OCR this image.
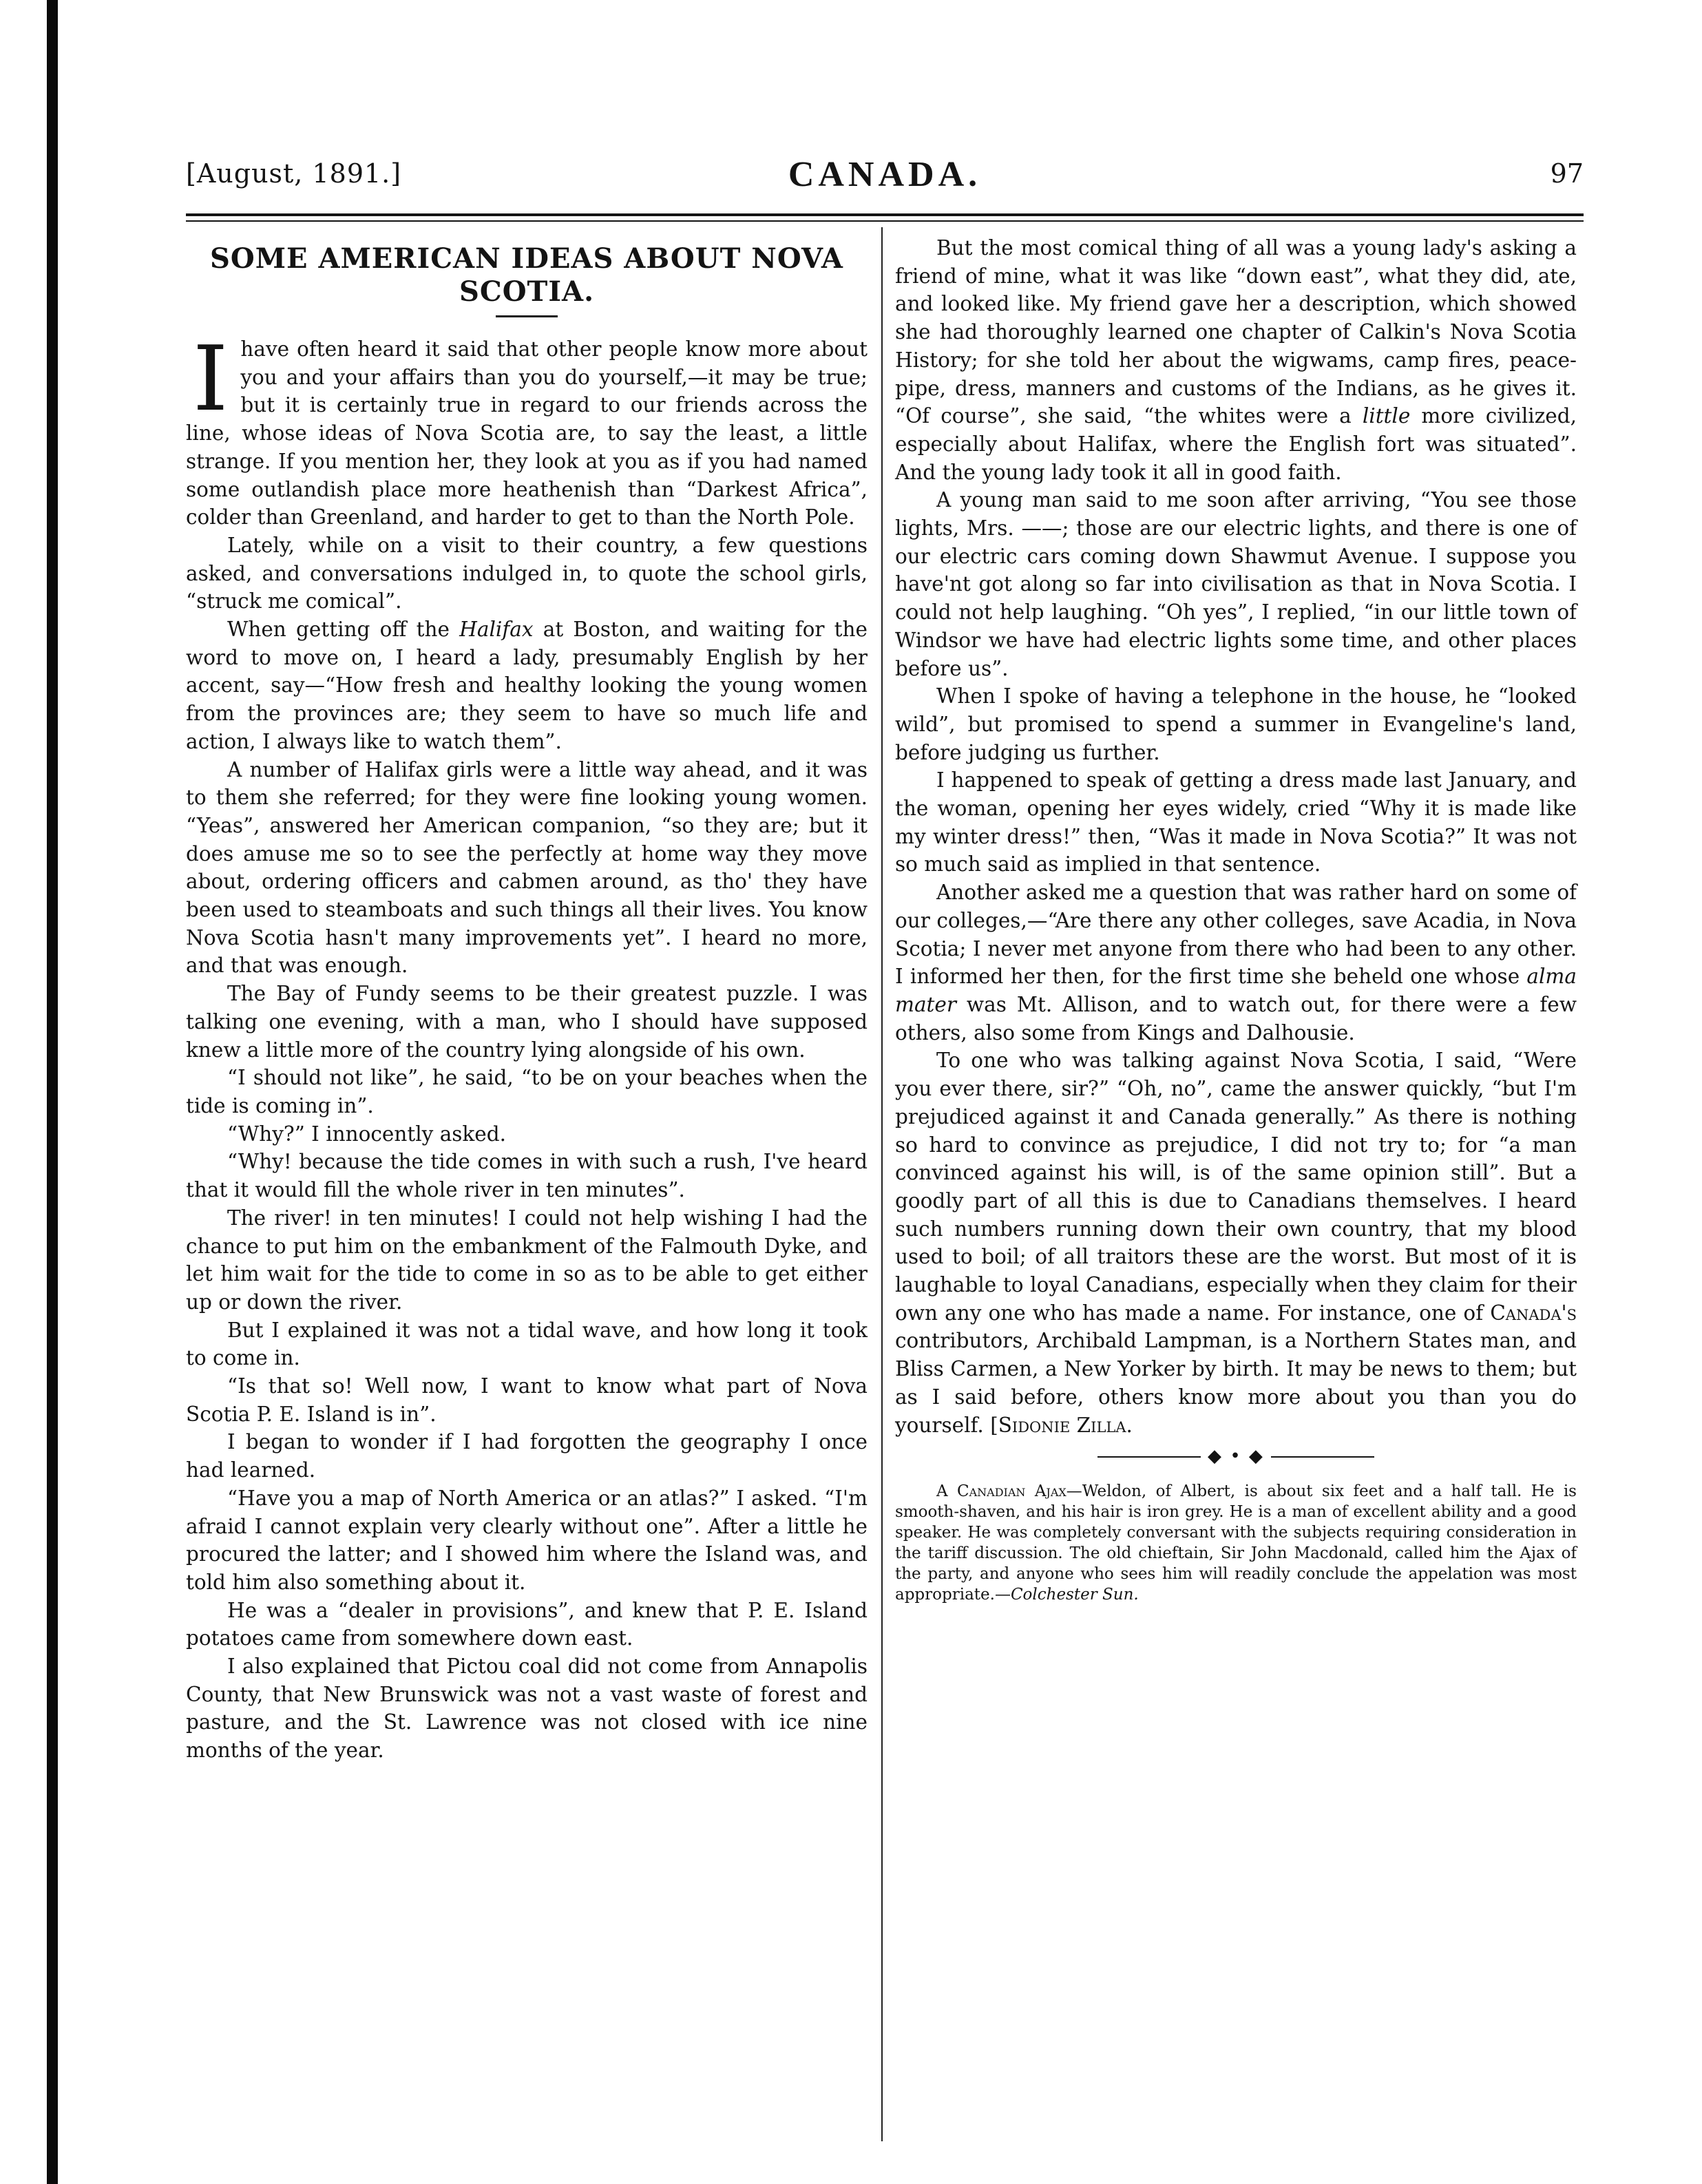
[August, 1891.]	CANADA.	97
SOME AMERICAN IDEAS ABOUT NOVA SCOTIA.

Ihave often heard it said that other people know more about you and your affairs than you do yourself,—it may be true; but it is certainly true in regard to our friends across the line, whose ideas of Nova Scotia are, to say the least, a little strange. If you mention her, they look at you as if you had named some outlandish place more heathenish than “Darkest Africa”, colder than Greenland, and harder to get to than the North Pole.

Lately, while on a visit to their country, a few questions asked, and conversations indulged in, to quote the school girls, “struck me comical”.

When getting off the Halifax at Boston, and waiting for the word to move on, I heard a lady, presumably English by her accent, say—“How fresh and healthy looking the young women from the provinces are; they seem to have so much life and action, I always like to watch them”.

A number of Halifax girls were a little way ahead, and it was to them she referred; for they were fine looking young women. “Yeas”, answered her American companion, “so they are; but it does amuse me so to see the perfectly at home way they move about, ordering officers and cabmen around, as tho' they have been used to steamboats and such things all their lives. You know Nova Scotia hasn't many improvements yet”. I heard no more, and that was enough.

The Bay of Fundy seems to be their greatest puzzle. I was talking one evening, with a man, who I should have supposed knew a little more of the country lying alongside of his own.

“I should not like”, he said, “to be on your beaches when the tide is coming in”.

“Why?” I innocently asked.

“Why! because the tide comes in with such a rush, I've heard that it would fill the whole river in ten minutes”.

The river! in ten minutes! I could not help wishing I had the chance to put him on the embankment of the Falmouth Dyke, and let him wait for the tide to come in so as to be able to get either up or down the river.

But I explained it was not a tidal wave, and how long it took to come in.

“Is that so! Well now, I want to know what part of Nova Scotia P. E. Island is in”.

I began to wonder if I had forgotten the geography I once had learned.

“Have you a map of North America or an atlas?” I asked. “I'm afraid I cannot explain very clearly without one”. After a little he procured the latter; and I showed him where the Island was, and told him also something about it.

He was a “dealer in provisions”, and knew that P. E. Island potatoes came from somewhere down east.

I also explained that Pictou coal did not come from Annapolis County, that New Brunswick was not a vast waste of forest and pasture, and the St. Lawrence was not closed with ice nine months of the year.

But the most comical thing of all was a young lady's asking a friend of mine, what it was like “down east”, what they did, ate, and looked like. My friend gave her a description, which showed she had thoroughly learned one chapter of Calkin's Nova Scotia History; for she told her about the wigwams, camp fires, peace-pipe, dress, manners and customs of the Indians, as he gives it. “Of course”, she said, “the whites were a little more civilized, especially about Halifax, where the English fort was situated”. And the young lady took it all in good faith.

A young man said to me soon after arriving, “You see those lights, Mrs. ——; those are our electric lights, and there is one of our electric cars coming down Shawmut Avenue. I suppose you have'nt got along so far into civilisation as that in Nova Scotia. I could not help laughing. “Oh yes”, I replied, “in our little town of Windsor we have had electric lights some time, and other places before us”.

When I spoke of having a telephone in the house, he “looked wild”, but promised to spend a summer in Evangeline's land, before judging us further.

I happened to speak of getting a dress made last January, and the woman, opening her eyes widely, cried “Why it is made like my winter dress!” then, “Was it made in Nova Scotia?” It was not so much said as implied in that sentence.

Another asked me a question that was rather hard on some of our colleges,—“Are there any other colleges, save Acadia, in Nova Scotia; I never met anyone from there who had been to any other. I informed her then, for the first time she beheld one whose alma mater was Mt. Allison, and to watch out, for there were a few others, also some from Kings and Dalhousie.

To one who was talking against Nova Scotia, I said, “Were you ever there, sir?” “Oh, no”, came the answer quickly, “but I'm prejudiced against it and Canada generally.” As there is nothing so hard to convince as prejudice, I did not try to; for “a man convinced against his will, is of the same opinion still”. But a goodly part of all this is due to Canadians themselves. I heard such numbers running down their own country, that my blood used to boil; of all traitors these are the worst. But most of it is laughable to loyal Canadians, especially when they claim for their own any one who has made a name. For instance, one of Canada's contributors, Archibald Lampman, is a Northern States man, and Bliss Carmen, a New Yorker by birth. It may be news to them; but as I said before, others know more about you than you do yourself. [Sidonie Zilla.

◆ • ◆

A Canadian Ajax—Weldon, of Albert, is about six feet and a half tall. He is smooth-shaven, and his hair is iron grey. He is a man of excellent ability and a good speaker. He was completely conversant with the subjects requiring consideration in the tariff discussion. The old chieftain, Sir John Macdonald, called him the Ajax of the party, and anyone who sees him will readily conclude the appelation was most appropriate.—Colchester Sun.
